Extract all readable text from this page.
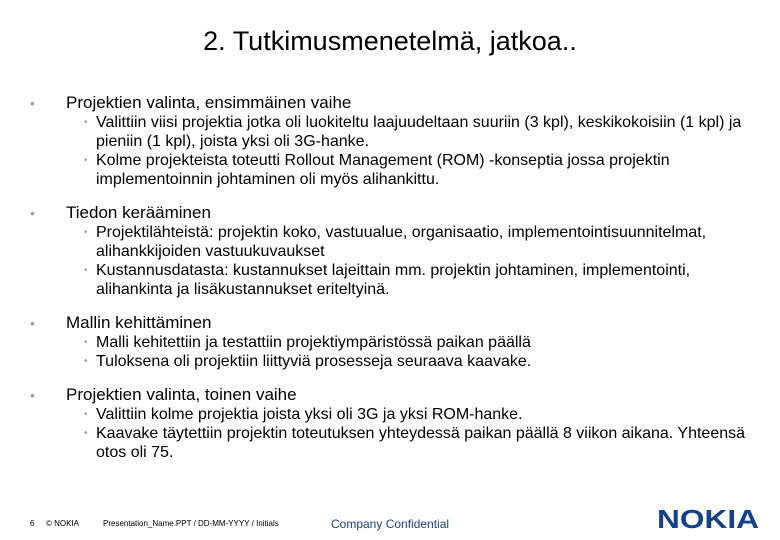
2. Tutkimusmenetelmä, jatkoa..
•	Projektien valinta, ensimmäinen vaihe
• Valittiin viisi projektia jotka oli luokiteltu laajuudeltaan suuriin (3 kpl), keskikokoisiin (1 kpl) ja pieniin (1 kpl), joista yksi oli 3G-hanke.
• Kolme projekteista toteutti Rollout Management (ROM) -konseptia jossa projektin implementoinnin johtaminen oli myös alihankittu.
•	Tiedon kerääminen
• Projektilähteistä: projektin koko, vastuualue, organisaatio, implementointisuunnitelmat, alihankkijoiden vastuukuvaukset
• Kustannusdatasta: kustannukset lajeittain mm. projektin johtaminen, implementointi, alihankinta ja lisäkustannukset eriteltyinä.
•	Mallin kehittäminen
• Malli kehitettiin ja testattiin projektiympäristössä paikan päällä
• Tuloksena oli projektiin liittyviä prosesseja seuraava kaavake.
•	Projektien valinta, toinen vaihe
• Valittiin kolme projektia joista yksi oli 3G ja yksi ROM-hanke.
• Kaavake täytettiin projektin toteutuksen yhteydessä paikan päällä 8 viikon aikana. Yhteensä otos oli 75.
6 © NOKIA	Presentation_Name.PPT / DD-MM-YYYY / Initials	Company Confidential	NOKIA
